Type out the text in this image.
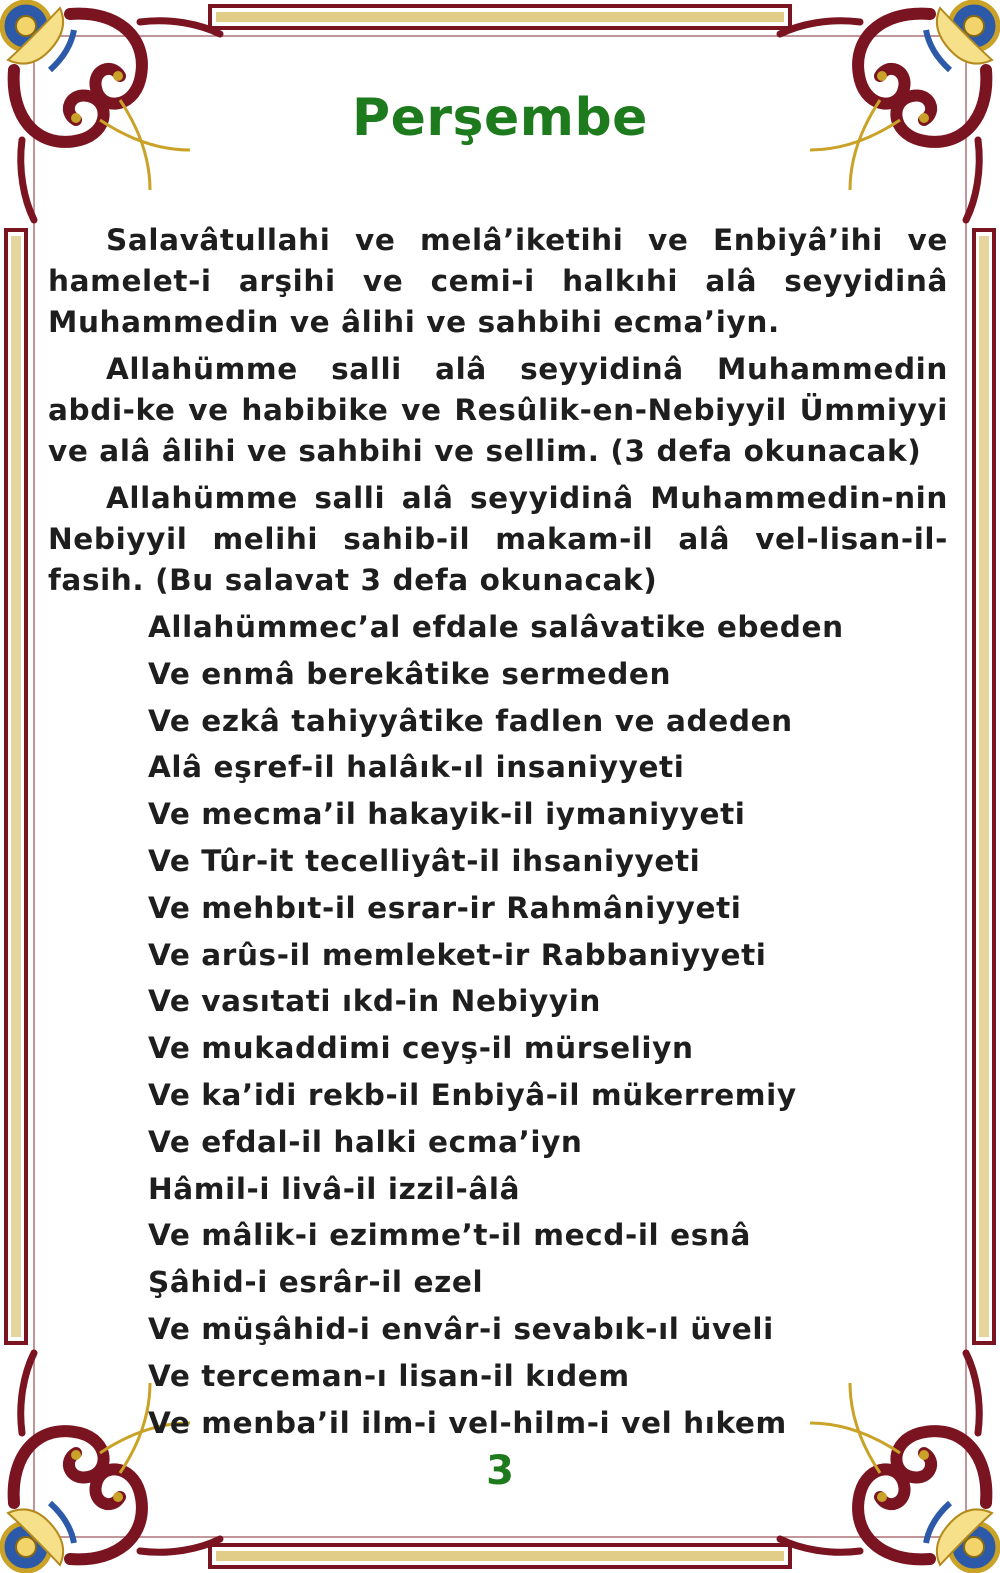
Perşembe

Salavâtullahi ve melâ’iketihi ve Enbiyâ’ihi ve hamelet-i arşihi ve cemi-i halkıhi alâ seyyidinâ Muhammedin ve âlihi ve sahbihi ecma’iyn.

Allahümme salli alâ seyyidinâ Muhammedin abdi-ke ve habibike ve Resûlik-en-Nebiyyil Ümmiyyi ve alâ âlihi ve sahbihi ve sellim. (3 defa okunacak)

Allahümme salli alâ seyyidinâ Muhammedin-nin Nebiyyil melihi sahib-il makam-il alâ vel-lisan-il-fasih. (Bu salavat 3 defa okunacak)

Allahümmec’al efdale salâvatike ebeden
Ve enmâ berekâtike sermeden
Ve ezkâ tahiyyâtike fadlen ve adeden
Alâ eşref-il halâık-ıl insaniyyeti
Ve mecma’il hakayik-il iymaniyyeti
Ve Tûr-it tecelliyât-il ihsaniyyeti
Ve mehbıt-il esrar-ir Rahmâniyyeti
Ve arûs-il memleket-ir Rabbaniyyeti
Ve vasıtati ıkd-in Nebiyyin
Ve mukaddimi ceyş-il mürseliyn
Ve ka’idi rekb-il Enbiyâ-il mükerremiy
Ve efdal-il halki ecma’iyn
Hâmil-i livâ-il izzil-âlâ
Ve mâlik-i ezimme’t-il mecd-il esnâ
Şâhid-i esrâr-il ezel
Ve müşâhid-i envâr-i sevabık-ıl üveli
Ve terceman-ı lisan-il kıdem
Ve menba’il ilm-i vel-hilm-i vel hıkem
3
